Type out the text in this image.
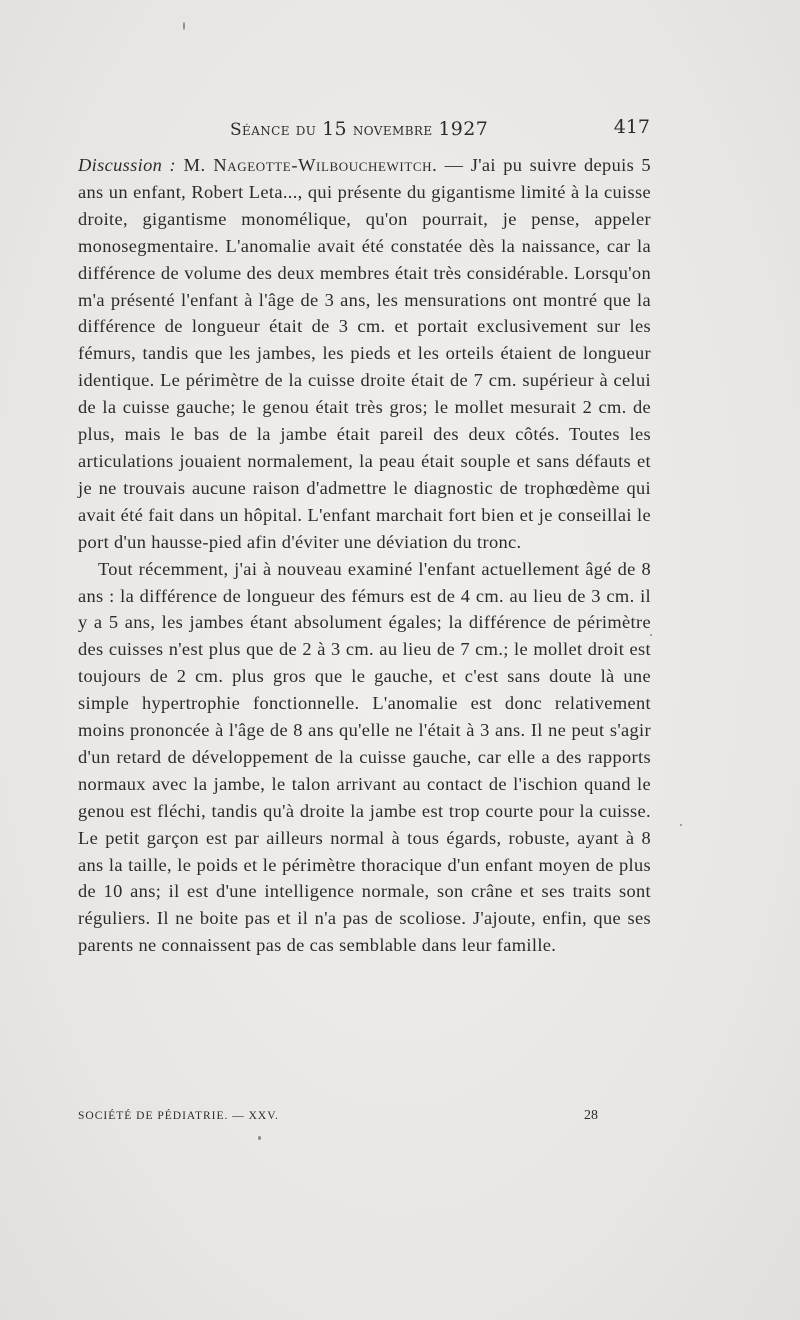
Séance du 15 novembre 1927	417

Discussion : M. Nageotte-Wilbouchewitch. — J'ai pu suivre depuis 5 ans un enfant, Robert Leta..., qui présente du gigantisme limité à la cuisse droite, gigantisme monomélique, qu'on pourrait, je pense, appeler monosegmentaire. L'anomalie avait été constatée dès la naissance, car la différence de volume des deux membres était très considérable. Lorsqu'on m'a présenté l'enfant à l'âge de 3 ans, les mensurations ont montré que la différence de longueur était de 3 cm. et portait exclusivement sur les fémurs, tandis que les jambes, les pieds et les orteils étaient de longueur identique. Le périmètre de la cuisse droite était de 7 cm. supérieur à celui de la cuisse gauche; le genou était très gros; le mollet mesurait 2 cm. de plus, mais le bas de la jambe était pareil des deux côtés. Toutes les articulations jouaient normalement, la peau était souple et sans défauts et je ne trouvais aucune raison d'admettre le diagnostic de trophœdème qui avait été fait dans un hôpital. L'enfant marchait fort bien et je conseillai le port d'un hausse-pied afin d'éviter une déviation du tronc.

Tout récemment, j'ai à nouveau examiné l'enfant actuellement âgé de 8 ans : la différence de longueur des fémurs est de 4 cm. au lieu de 3 cm. il y a 5 ans, les jambes étant absolument égales; la différence de périmètre des cuisses n'est plus que de 2 à 3 cm. au lieu de 7 cm.; le mollet droit est toujours de 2 cm. plus gros que le gauche, et c'est sans doute là une simple hypertrophie fonctionnelle. L'anomalie est donc relativement moins prononcée à l'âge de 8 ans qu'elle ne l'était à 3 ans. Il ne peut s'agir d'un retard de développement de la cuisse gauche, car elle a des rapports normaux avec la jambe, le talon arrivant au contact de l'ischion quand le genou est fléchi, tandis qu'à droite la jambe est trop courte pour la cuisse. Le petit garçon est par ailleurs normal à tous égards, robuste, ayant à 8 ans la taille, le poids et le périmètre thoracique d'un enfant moyen de plus de 10 ans; il est d'une intelligence normale, son crâne et ses traits sont réguliers. Il ne boite pas et il n'a pas de scoliose. J'ajoute, enfin, que ses parents ne connaissent pas de cas semblable dans leur famille.

SOCIÉTÉ DE PÉDIATRIE. — XXV.	28
